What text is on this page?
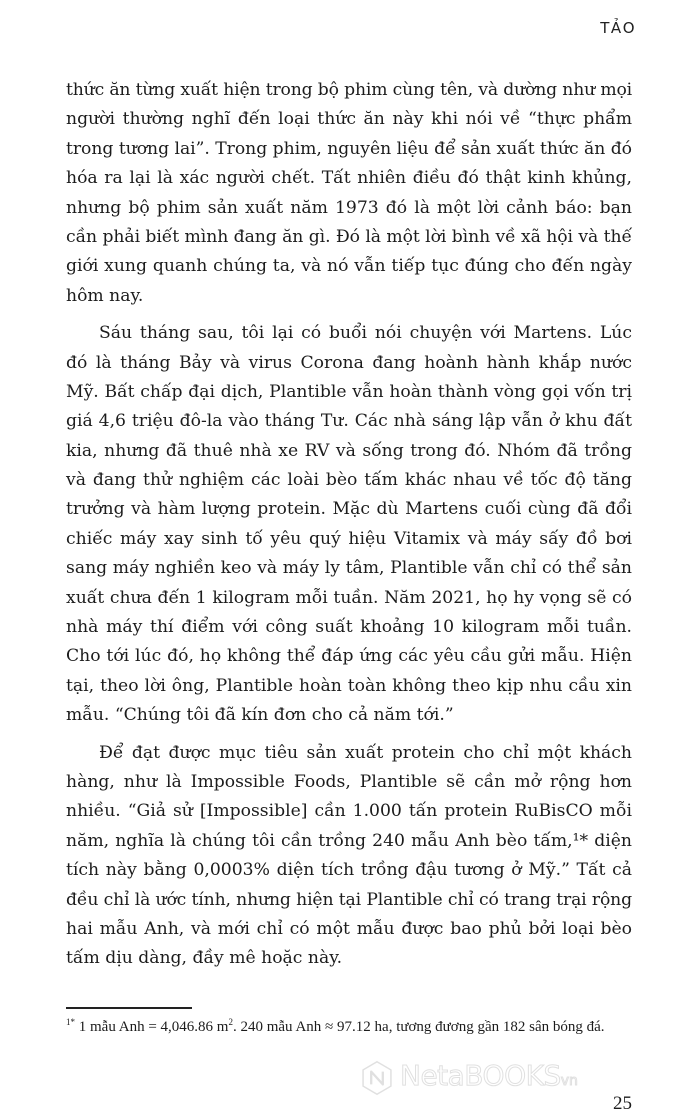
TẢO
thức ăn từng xuất hiện trong bộ phim cùng tên, và dường như mọi
người thường nghĩ đến loại thức ăn này khi nói về “thực phẩm
trong tương lai”. Trong phim, nguyên liệu để sản xuất thức ăn đó
hóa ra lại là xác người chết. Tất nhiên điều đó thật kinh khủng,
nhưng bộ phim sản xuất năm 1973 đó là một lời cảnh báo: bạn
cần phải biết mình đang ăn gì. Đó là một lời bình về xã hội và thế
giới xung quanh chúng ta, và nó vẫn tiếp tục đúng cho đến ngày
hôm nay.
Sáu tháng sau, tôi lại có buổi nói chuyện với Martens. Lúc
đó là tháng Bảy và virus Corona đang hoành hành khắp nước
Mỹ. Bất chấp đại dịch, Plantible vẫn hoàn thành vòng gọi vốn trị
giá 4,6 triệu đô-la vào tháng Tư. Các nhà sáng lập vẫn ở khu đất
kia, nhưng đã thuê nhà xe RV và sống trong đó. Nhóm đã trồng
và đang thử nghiệm các loài bèo tấm khác nhau về tốc độ tăng
trưởng và hàm lượng protein. Mặc dù Martens cuối cùng đã đổi
chiếc máy xay sinh tố yêu quý hiệu Vitamix và máy sấy đồ bơi
sang máy nghiền keo và máy ly tâm, Plantible vẫn chỉ có thể sản
xuất chưa đến 1 kilogram mỗi tuần. Năm 2021, họ hy vọng sẽ có
nhà máy thí điểm với công suất khoảng 10 kilogram mỗi tuần.
Cho tới lúc đó, họ không thể đáp ứng các yêu cầu gửi mẫu. Hiện
tại, theo lời ông, Plantible hoàn toàn không theo kịp nhu cầu xin
mẫu. “Chúng tôi đã kín đơn cho cả năm tới.”
Để đạt được mục tiêu sản xuất protein cho chỉ một khách
hàng, như là Impossible Foods, Plantible sẽ cần mở rộng hơn
nhiều. “Giả sử [Impossible] cần 1.000 tấn protein RuBisCO mỗi
năm, nghĩa là chúng tôi cần trồng 240 mẫu Anh bèo tấm,¹* diện
tích này bằng 0,0003% diện tích trồng đậu tương ở Mỹ.” Tất cả
đều chỉ là ước tính, nhưng hiện tại Plantible chỉ có trang trại rộng
hai mẫu Anh, và mới chỉ có một mẫu được bao phủ bởi loại bèo
tấm dịu dàng, đầy mê hoặc này.
$^{1*}$ 1 mẫu Anh = 4,046.86 $m^2$. 240 mẫu Anh ≈ 97.12 ha, tương đương gần 182 sân bóng đá.
NetaBOOKSvn
25
